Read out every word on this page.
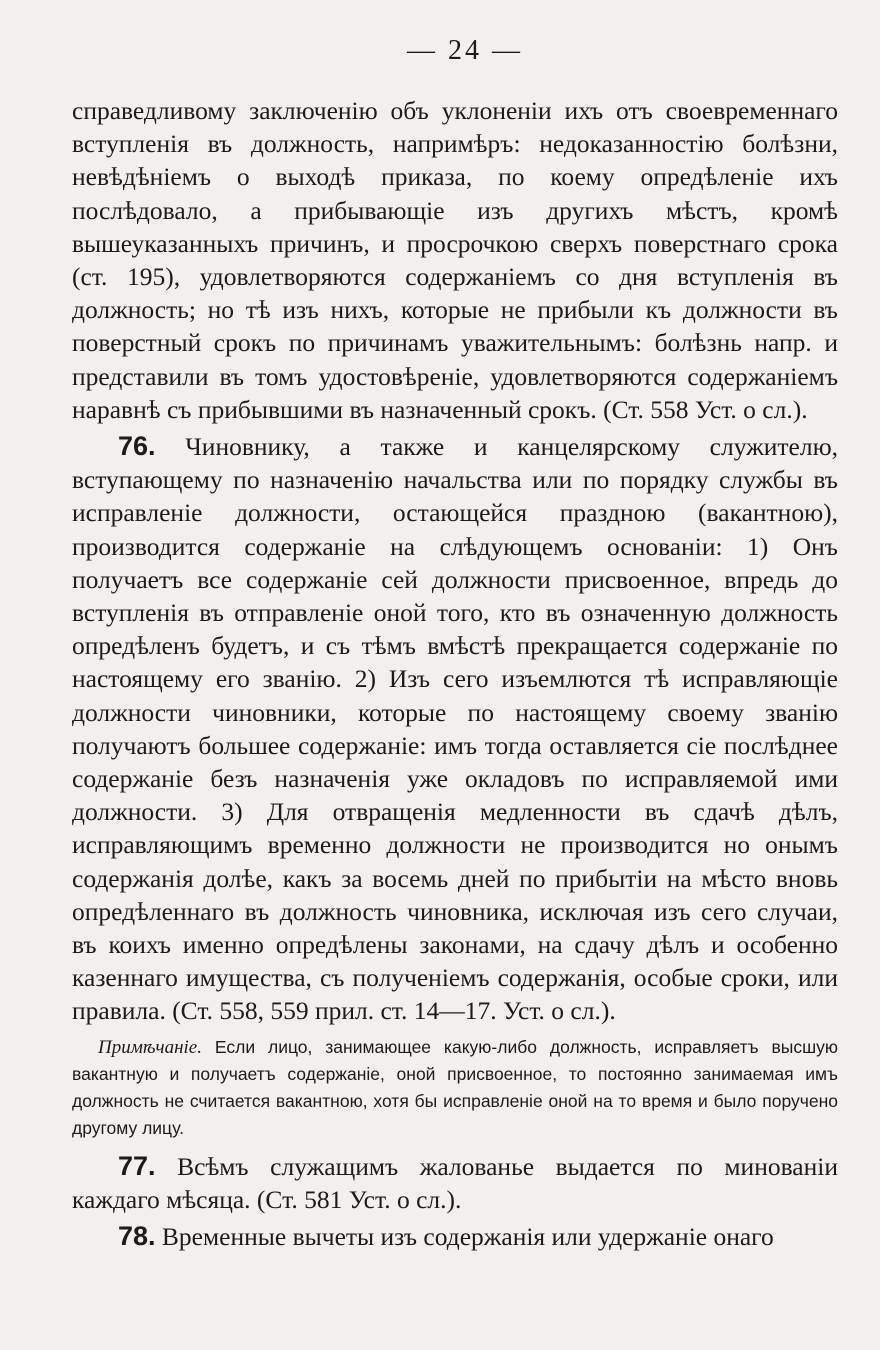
— 24 —

справедливому заключенію объ уклоненіи ихъ отъ своевременнаго вступленія въ должность, напримѣръ: недоказанностію болѣзни, невѣдѣніемъ о выходѣ приказа, по коему опредѣленіе ихъ послѣдовало, а прибывающіе изъ другихъ мѣстъ, кромѣ вышеуказанныхъ причинъ, и просрочкою сверхъ поверстнаго срока (ст. 195), удовлетворяются содержаніемъ со дня вступленія въ должность; но тѣ изъ нихъ, которые не прибыли къ должности въ поверстный срокъ по причинамъ уважительнымъ: болѣзнь напр. и представили въ томъ удостовѣреніе, удовлетворяются содержаніемъ наравнѣ съ прибывшими въ назначенный срокъ. (Ст. 558 Уст. о сл.).

76. Чиновнику, а также и канцелярскому служителю, вступающему по назначенію начальства или по порядку службы въ исправленіе должности, остающейся праздною (вакантною), производится содержаніе на слѣдующемъ основаніи: 1) Онъ получаетъ все содержаніе сей должности присвоенное, впредь до вступленія въ отправленіе оной того, кто въ означенную должность опредѣленъ будетъ, и съ тѣмъ вмѣстѣ прекращается содержаніе по настоящему его званію. 2) Изъ сего изъемлются тѣ исправляющіе должности чиновники, которые по настоящему своему званію получаютъ большее содержаніе: имъ тогда оставляется сіе послѣднее содержаніе безъ назначенія уже окладовъ по исправляемой ими должности. 3) Для отвращенія медленности въ сдачѣ дѣлъ, исправляющимъ временно должности не производится но онымъ содержанія долѣе, какъ за восемь дней по прибытіи на мѣсто вновь опредѣленнаго въ должность чиновника, исключая изъ сего случаи, въ коихъ именно опредѣлены законами, на сдачу дѣлъ и особенно казеннаго имущества, съ полученіемъ содержанія, особые сроки, или правила. (Ст. 558, 559 прил. ст. 14—17. Уст. о сл.).

Примѣчаніе. Если лицо, занимающее какую-либо должность, исправляетъ высшую вакантную и получаетъ содержаніе, оной присвоенное, то постоянно занимаемая имъ должность не считается вакантною, хотя бы исправленіе оной на то время и было поручено другому лицу.

77. Всѣмъ служащимъ жалованье выдается по минованіи каждаго мѣсяца. (Ст. 581 Уст. о сл.).

78. Временные вычеты изъ содержанія или удержаніе онаго
